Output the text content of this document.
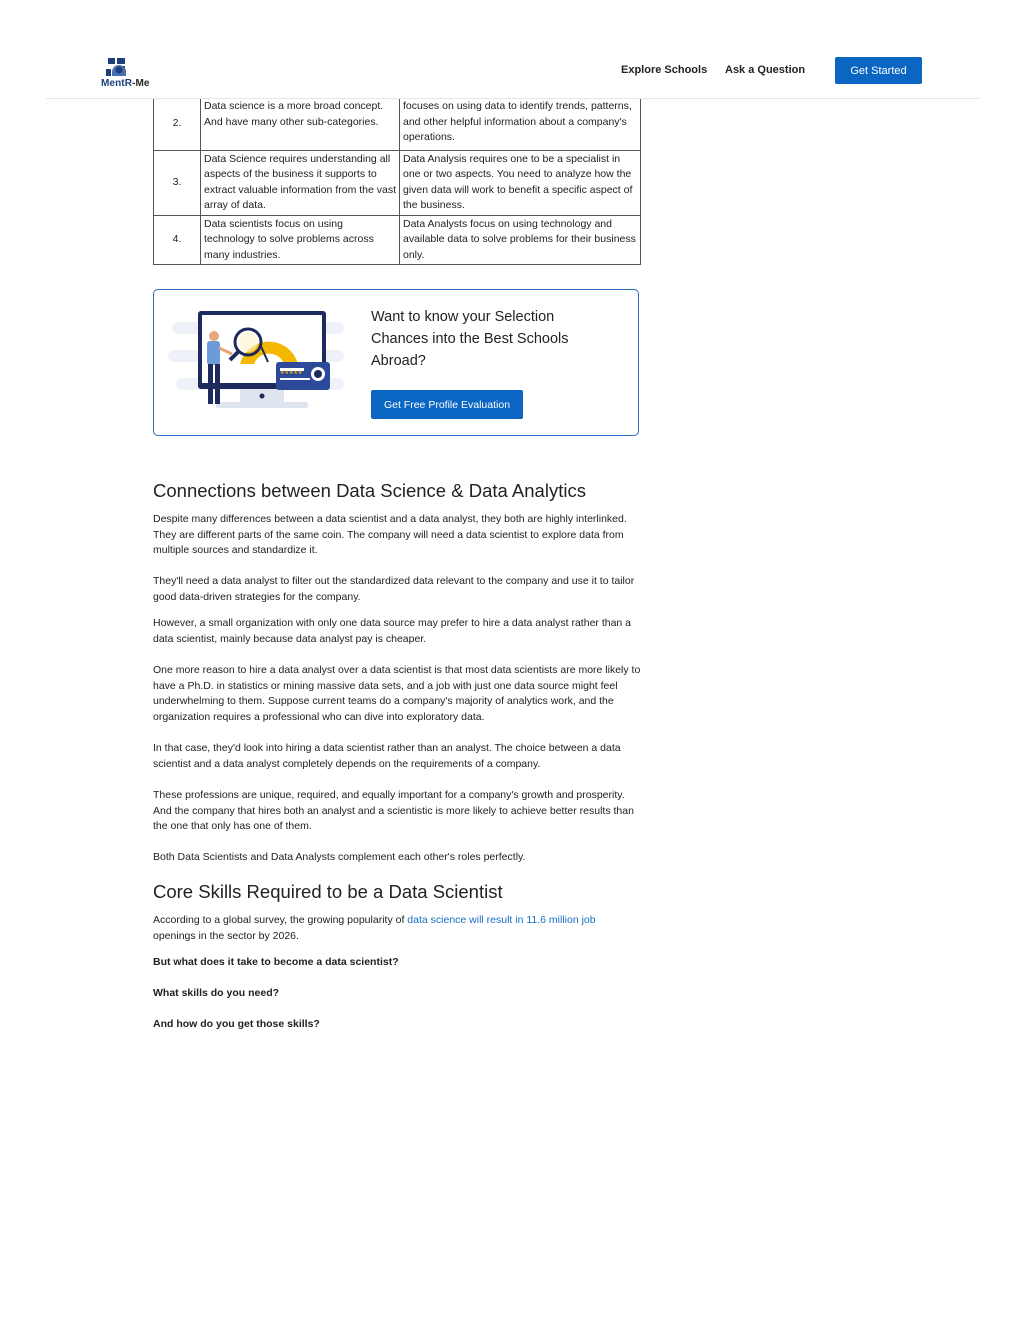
MentR-Me
Explore Schools Ask a Question	Get Started
2.	Data science is a more broad concept. And have many other sub-categories.	focuses on using data to identify trends, patterns, and other helpful information about a company's operations.
3.	Data Science requires understanding all aspects of the business it supports to extract valuable information from the vast array of data.	Data Analysis requires one to be a specialist in one or two aspects. You need to analyze how the given data will work to benefit a specific aspect of the business.
4.	Data scientists focus on using technology to solve problems across many industries.	Data Analysts focus on using technology and available data to solve problems for their business only.
★★★★★
Want to know your Selection Chances into the Best Schools Abroad?
Get Free Profile Evaluation
Connections between Data Science & Data Analytics

Despite many differences between a data scientist and a data analyst, they both are highly interlinked. They are different parts of the same coin. The company will need a data scientist to explore data from multiple sources and standardize it.

They'll need a data analyst to filter out the standardized data relevant to the company and use it to tailor good data-driven strategies for the company.

However, a small organization with only one data source may prefer to hire a data analyst rather than a data scientist, mainly because data analyst pay is cheaper.

One more reason to hire a data analyst over a data scientist is that most data scientists are more likely to have a Ph.D. in statistics or mining massive data sets, and a job with just one data source might feel underwhelming to them. Suppose current teams do a company's majority of analytics work, and the organization requires a professional who can dive into exploratory data.

In that case, they'd look into hiring a data scientist rather than an analyst. The choice between a data scientist and a data analyst completely depends on the requirements of a company.

These professions are unique, required, and equally important for a company's growth and prosperity. And the company that hires both an analyst and a scientistic is more likely to achieve better results than the one that only has one of them.

Both Data Scientists and Data Analysts complement each other's roles perfectly.

Core Skills Required to be a Data Scientist

According to a global survey, the growing popularity of data science will result in 11.6 million job openings in the sector by 2026.

But what does it take to become a data scientist?

What skills do you need?

And how do you get those skills?
